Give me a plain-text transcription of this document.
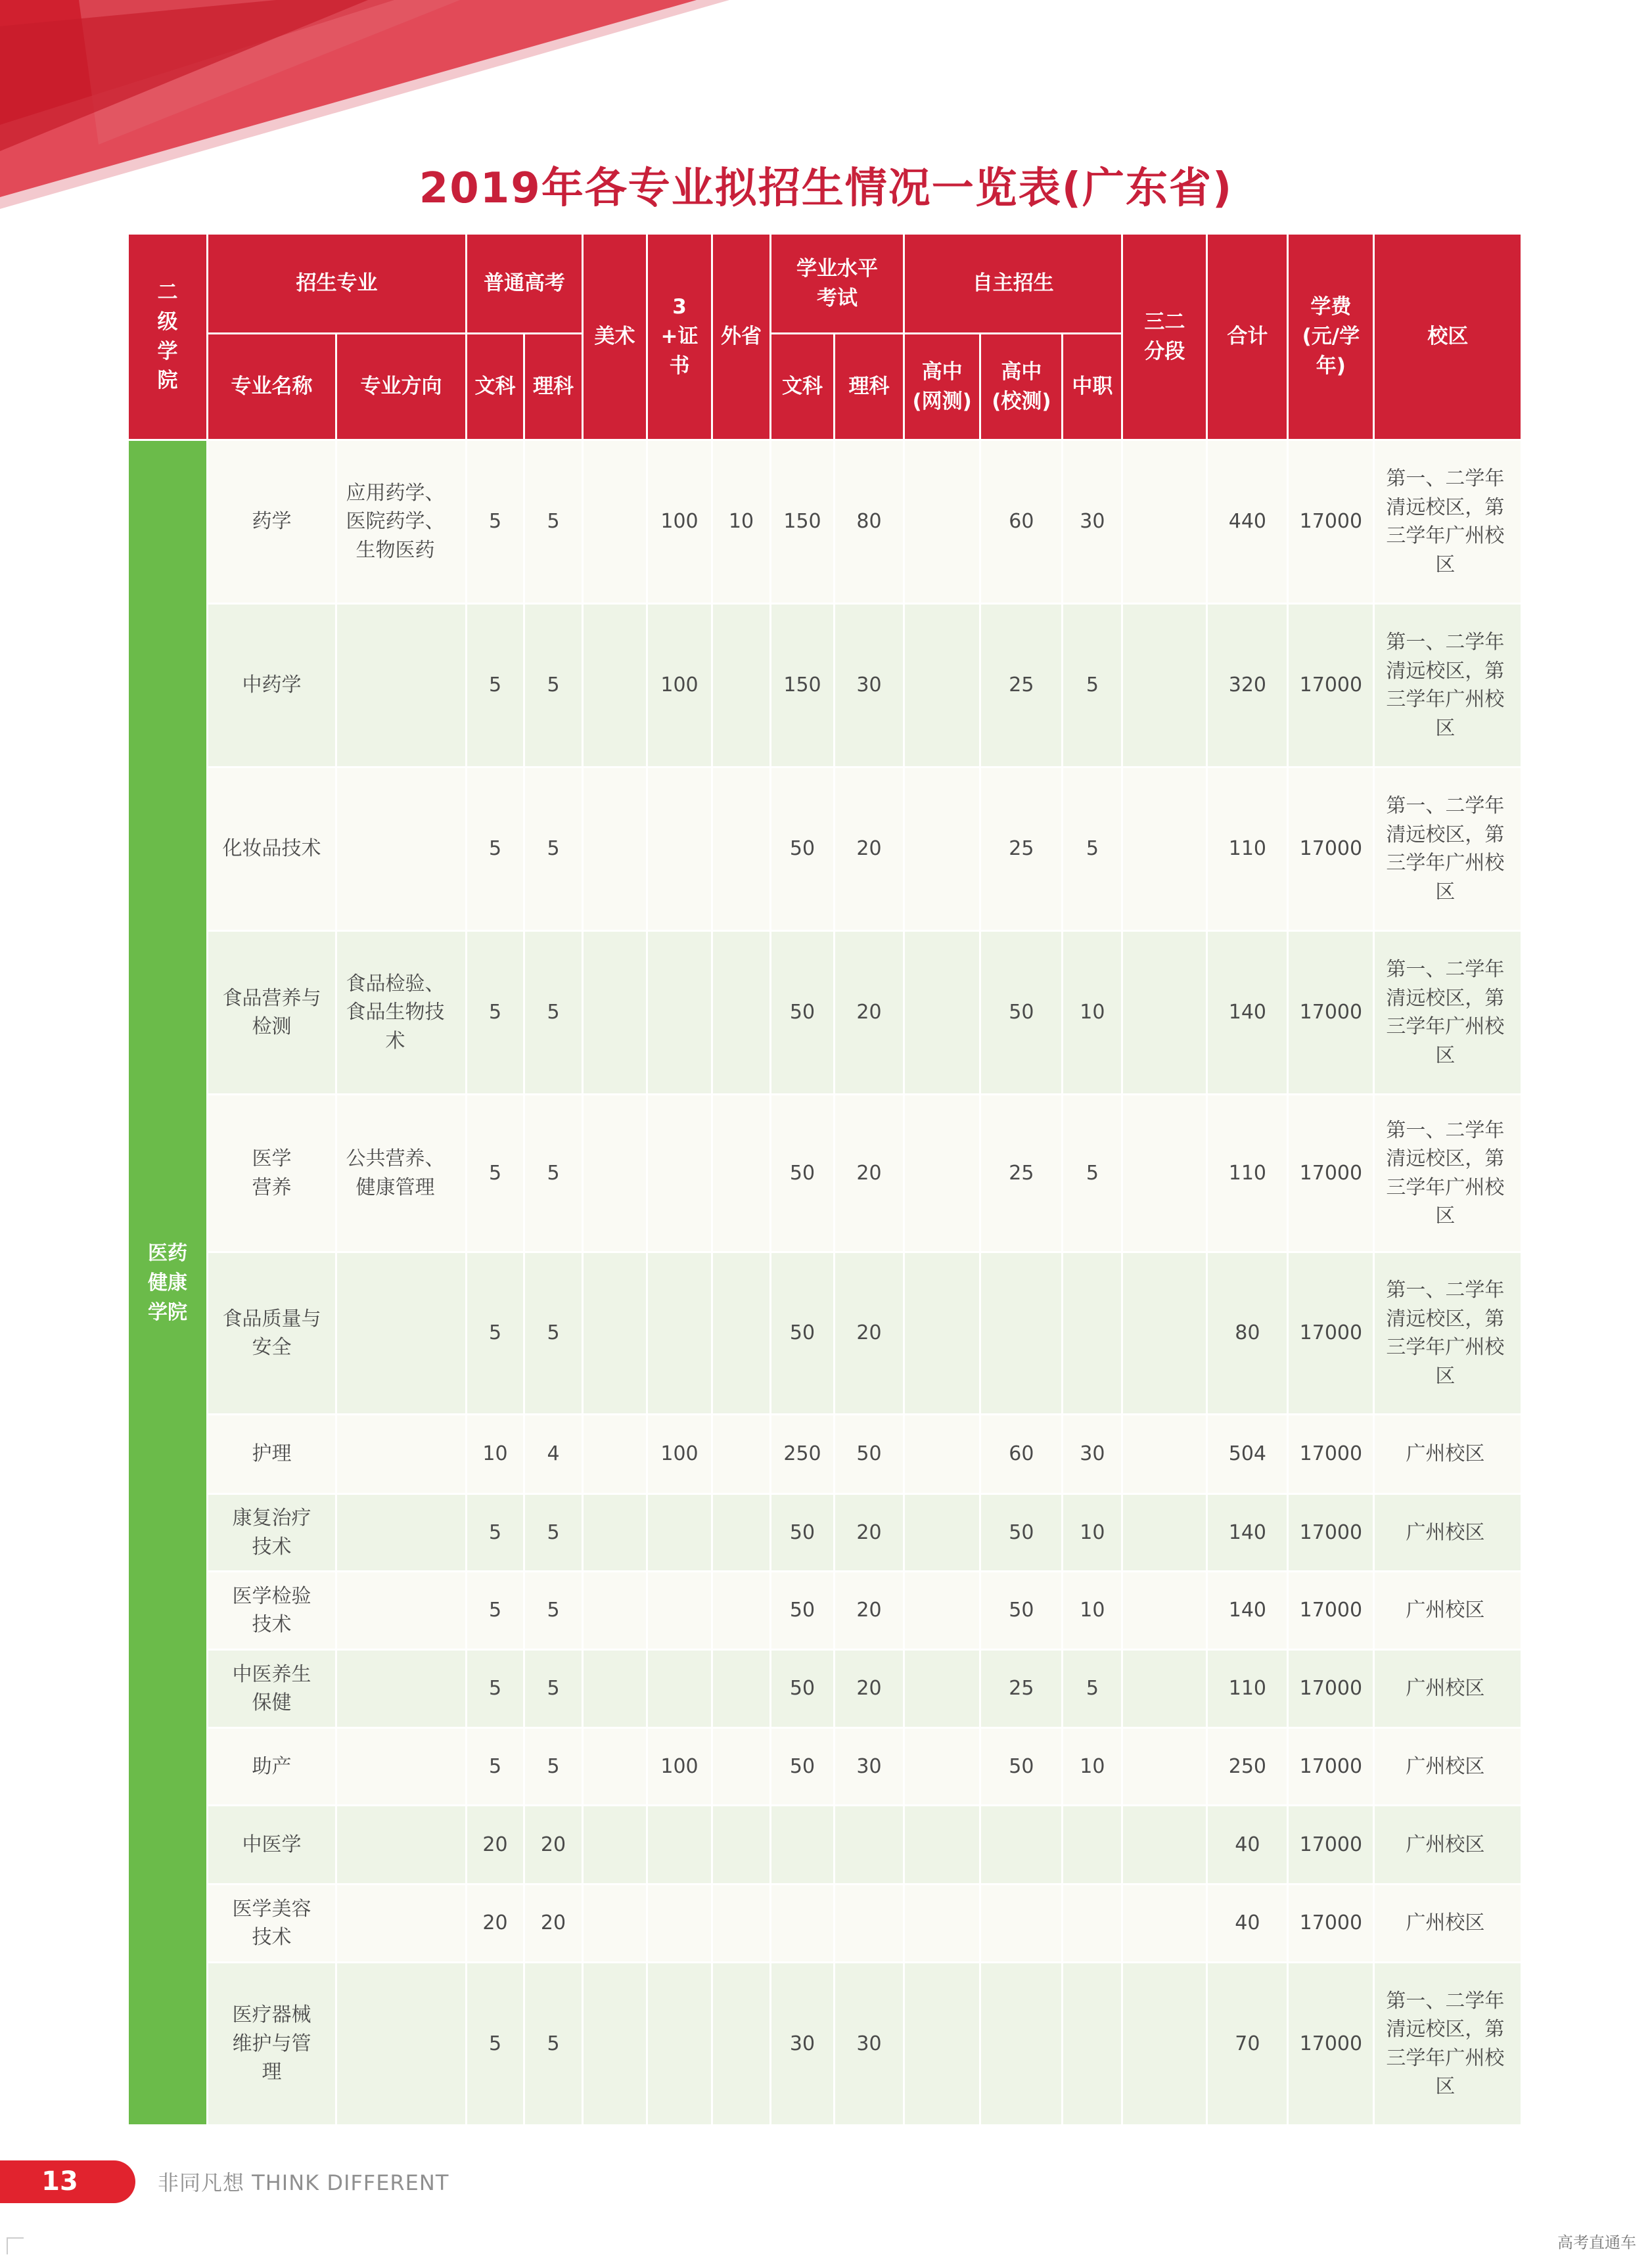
2019年各专业拟招生情况一览表(广东省)
二级学院	招生专业		普通高考		美术	3+证书	外省	学业水平考试		自主招生			三二分段	合计	学费(元/学年)	校区
	专业名称	专业方向	文科	理科				文科	理科	高中(网测)	高中(校测)	中职				
医药健康学院	药学	应用药学、医院药学、生物医药	5	5		100	10	150	80		60	30		440	17000	第一、二学年清远校区，第三学年广州校区
	中药学		5	5		100		150	30		25	5		320	17000	第一、二学年清远校区，第三学年广州校区
	化妆品技术		5	5				50	20		25	5		110	17000	第一、二学年清远校区，第三学年广州校区
	食品营养与检测	食品检验、食品生物技术	5	5				50	20		50	10		140	17000	第一、二学年清远校区，第三学年广州校区
	医学营养	公共营养、健康管理	5	5				50	20		25	5		110	17000	第一、二学年清远校区，第三学年广州校区
	食品质量与安全		5	5				50	20					80	17000	第一、二学年清远校区，第三学年广州校区
	护理		10	4		100		250	50		60	30		504	17000	广州校区
	康复治疗技术		5	5				50	20		50	10		140	17000	广州校区
	医学检验技术		5	5				50	20		50	10		140	17000	广州校区
	中医养生保健		5	5				50	20		25	5		110	17000	广州校区
	助产		5	5		100		50	30		50	10		250	17000	广州校区
	中医学		20	20										40	17000	广州校区
	医学美容技术		20	20										40	17000	广州校区
	医疗器械维护与管理		5	5				30	30					70	17000	第一、二学年清远校区，第三学年广州校区
13	非同凡想 THINK DIFFERENT
高考直通车
